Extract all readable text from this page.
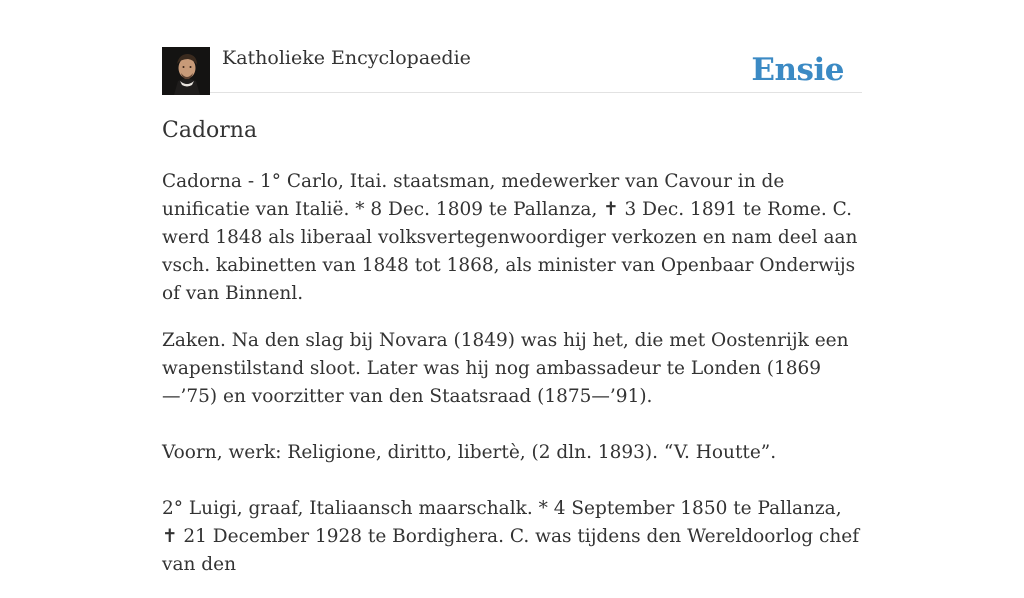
Katholieke Encyclopaedie	Ensie
Cadorna

Cadorna - 1° Carlo, Itai. staatsman, medewerker van Cavour in de unificatie van Italië. * 8 Dec. 1809 te Pallanza, ✝ 3 Dec. 1891 te Rome. C. werd 1848 als liberaal volksvertegenwoordiger verkozen en nam deel aan vsch. kabinetten van 1848 tot 1868, als minister van Openbaar Onderwijs of van Binnenl.

Zaken. Na den slag bij Novara (1849) was hij het, die met Oostenrijk een wapenstilstand sloot. Later was hij nog ambassadeur te Londen (1869—’75) en voorzitter van den Staatsraad (1875—’91).

Voorn, werk: Religione, diritto, libertè, (2 dln. 1893). “V. Houtte”.

2° Luigi, graaf, Italiaansch maarschalk. * 4 September 1850 te Pallanza, ✝ 21 December 1928 te Bordighera. C. was tijdens den Wereldoorlog chef van den
